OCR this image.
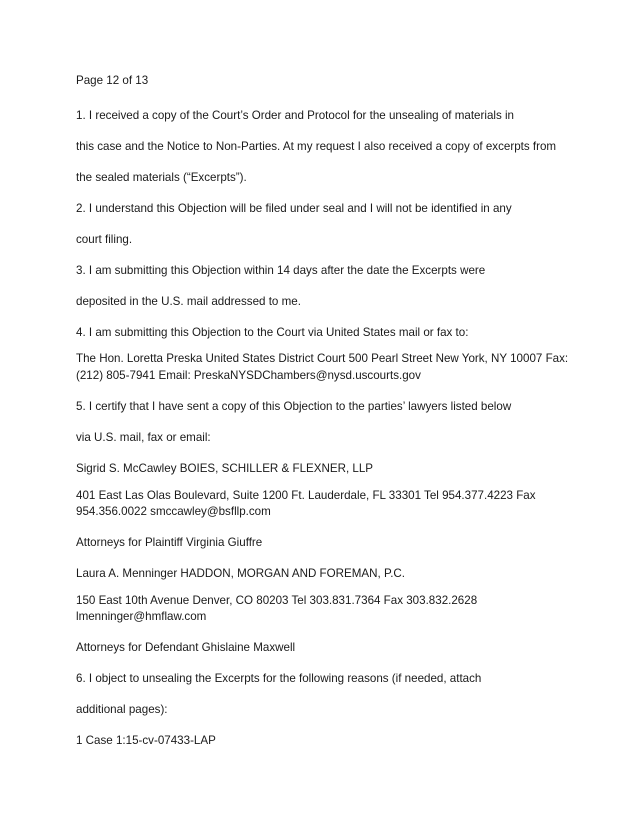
Page 12 of 13

1. I received a copy of the Court’s Order and Protocol for the unsealing of materials in

this case and the Notice to Non-Parties. At my request I also received a copy of excerpts from

the sealed materials (“Excerpts”).

2. I understand this Objection will be filed under seal and I will not be identified in any

court filing.

3. I am submitting this Objection within 14 days after the date the Excerpts were

deposited in the U.S. mail addressed to me.

4. I am submitting this Objection to the Court via United States mail or fax to:

The Hon. Loretta Preska United States District Court 500 Pearl Street New York, NY 10007 Fax:

(212) 805-7941 Email: PreskaNYSDChambers@nysd.uscourts.gov

5. I certify that I have sent a copy of this Objection to the parties’ lawyers listed below

via U.S. mail, fax or email:

Sigrid S. McCawley BOIES, SCHILLER & FLEXNER, LLP

401 East Las Olas Boulevard, Suite 1200 Ft. Lauderdale, FL 33301 Tel 954.377.4223 Fax

954.356.0022 smccawley@bsfllp.com

Attorneys for Plaintiff Virginia Giuffre

Laura A. Menninger HADDON, MORGAN AND FOREMAN, P.C.

150 East 10th Avenue Denver, CO 80203 Tel 303.831.7364 Fax 303.832.2628

lmenninger@hmflaw.com

Attorneys for Defendant Ghislaine Maxwell

6. I object to unsealing the Excerpts for the following reasons (if needed, attach

additional pages):

1 Case 1:15-cv-07433-LAP
